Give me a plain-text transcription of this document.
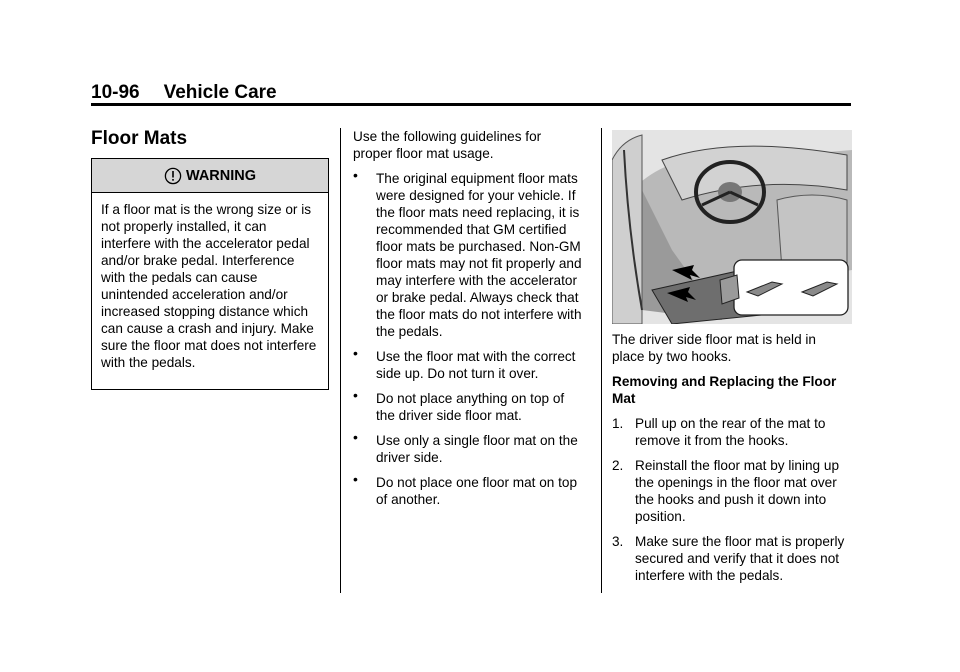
10-96 Vehicle Care
Floor Mats
WARNING
If a floor mat is the wrong size or is not properly installed, it can interfere with the accelerator pedal and/or brake pedal. Interference with the pedals can cause unintended acceleration and/or increased stopping distance which can cause a crash and injury. Make sure the floor mat does not interfere with the pedals.

Use the following guidelines for proper floor mat usage.

• The original equipment floor mats were designed for your vehicle. If the floor mats need replacing, it is recommended that GM certified floor mats be purchased. Non-GM floor mats may not fit properly and may interfere with the accelerator or brake pedal. Always check that the floor mats do not interfere with the pedals.
• Use the floor mat with the correct side up. Do not turn it over.
• Do not place anything on top of the driver side floor mat.
• Use only a single floor mat on the driver side.
• Do not place one floor mat on top of another.

The driver side floor mat is held in place by two hooks.

Removing and Replacing the Floor Mat

1. Pull up on the rear of the mat to remove it from the hooks.
2. Reinstall the floor mat by lining up the openings in the floor mat over the hooks and push it down into position.
3. Make sure the floor mat is properly secured and verify that it does not interfere with the pedals.
